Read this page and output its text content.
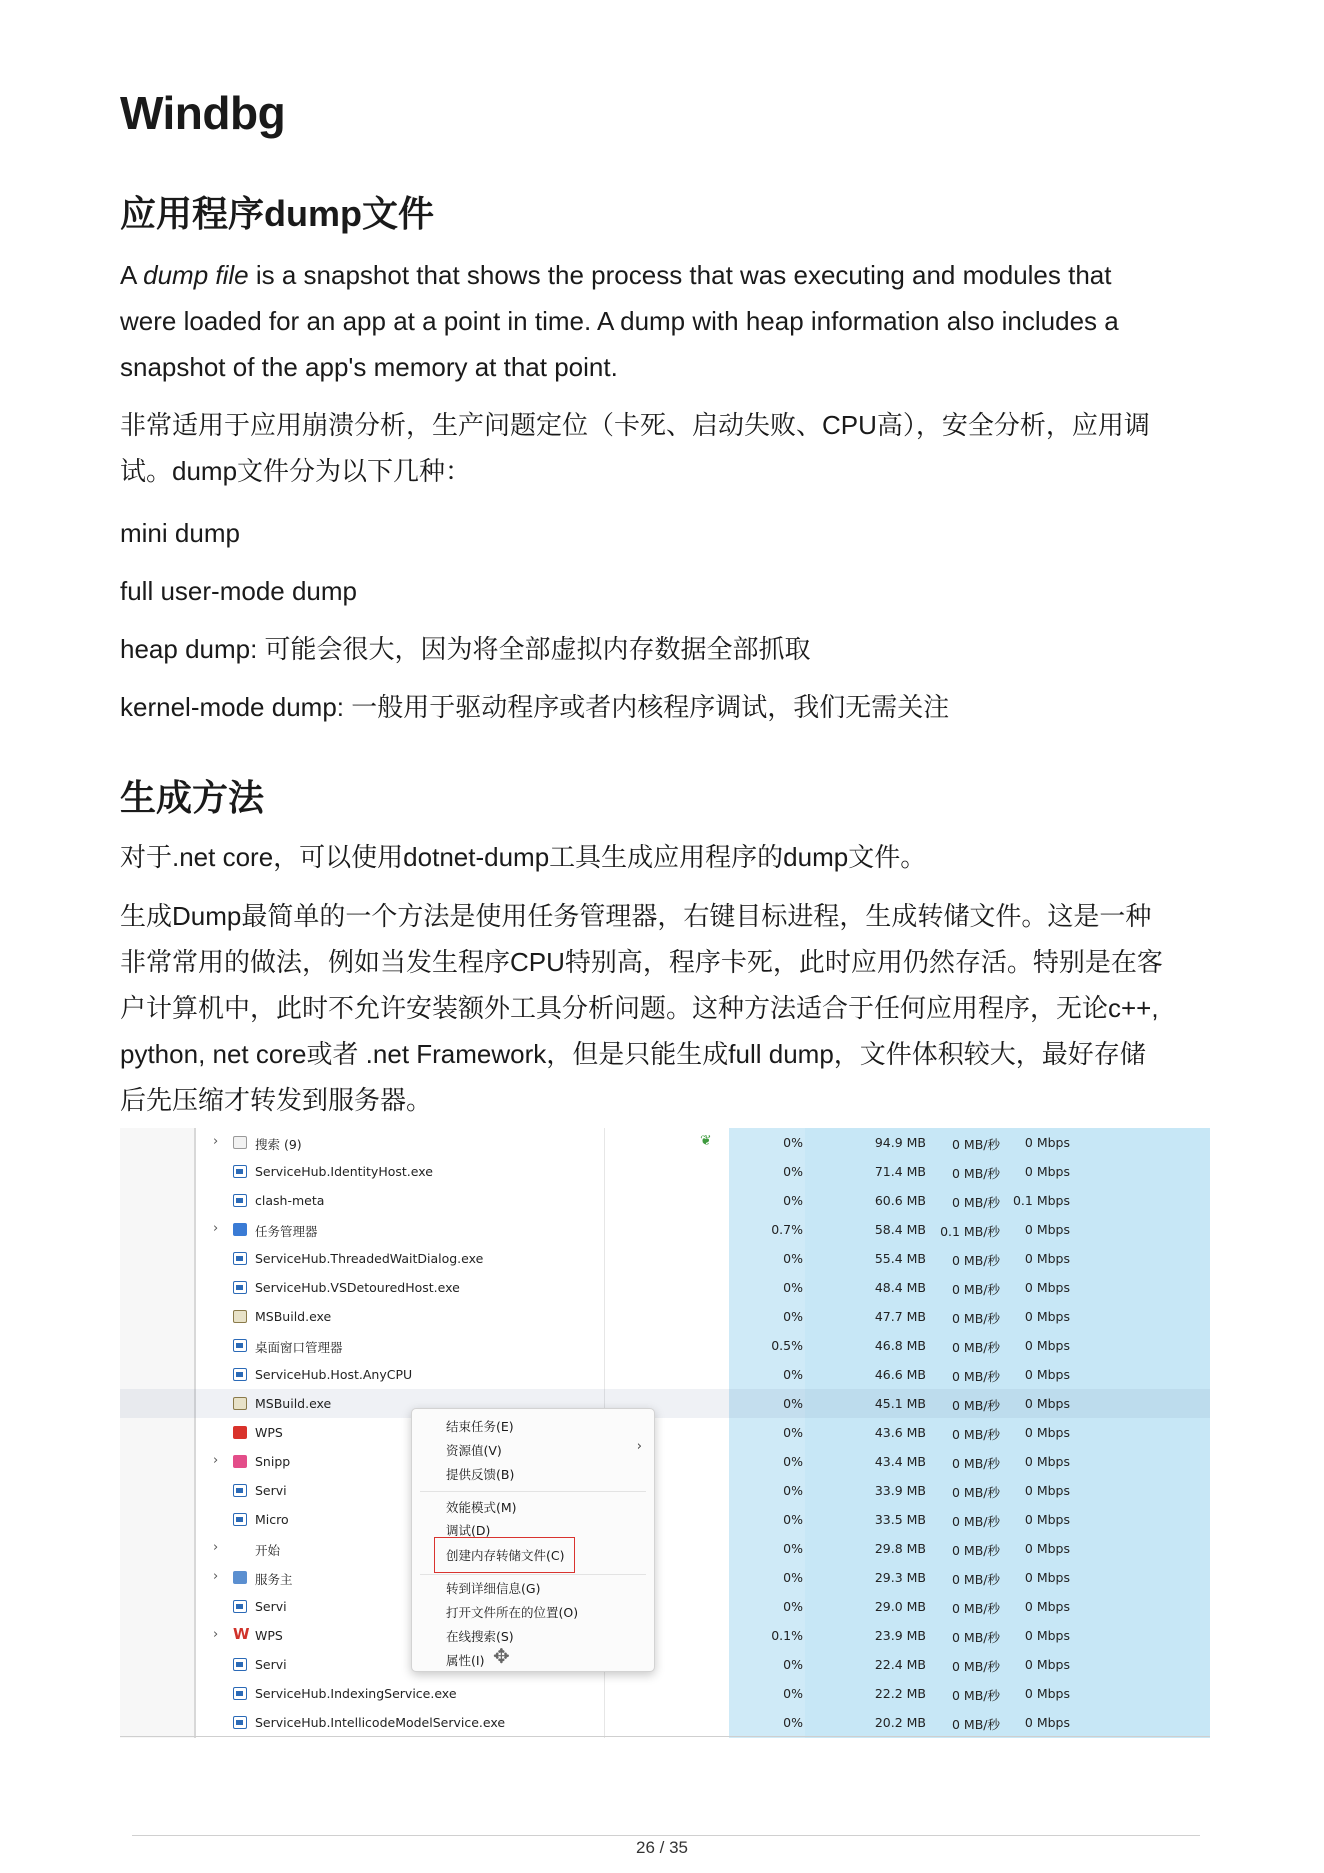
Windbg
应用程序dump文件
A dump file is a snapshot that shows the process that was executing and modules that
were loaded for an app at a point in time. A dump with heap information also includes a
snapshot of the app's memory at that point.
非常适用于应用崩溃分析，生产问题定位（卡死、启动失败、CPU高），安全分析，应用调
试。dump文件分为以下几种：
mini dump
full user-mode dump
heap dump: 可能会很大，因为将全部虚拟内存数据全部抓取
kernel-mode dump: 一般用于驱动程序或者内核程序调试，我们无需关注
生成方法
对于.net core，可以使用dotnet-dump工具生成应用程序的dump文件。
生成Dump最简单的一个方法是使用任务管理器，右键目标进程，生成转储文件。这是一种
非常常用的做法，例如当发生程序CPU特别高，程序卡死，此时应用仍然存活。特别是在客
户计算机中，此时不允许安装额外工具分析问题。这种方法适合于任何应用程序，无论c++,
python, net core或者 .net Framework，但是只能生成full dump，文件体积较大，最好存储
后先压缩才转发到服务器。
›	搜索 (9)	❦	0%	94.9 MB	0 MB/秒	0 Mbps
ServiceHub.IdentityHost.exe	0%	71.4 MB	0 MB/秒	0 Mbps
clash-meta	0%	60.6 MB	0 MB/秒	0.1 Mbps
›	任务管理器	0.7%	58.4 MB	0.1 MB/秒	0 Mbps
ServiceHub.ThreadedWaitDialog.exe	0%	55.4 MB	0 MB/秒	0 Mbps
ServiceHub.VSDetouredHost.exe	0%	48.4 MB	0 MB/秒	0 Mbps
MSBuild.exe	0%	47.7 MB	0 MB/秒	0 Mbps
桌面窗口管理器	0.5%	46.8 MB	0 MB/秒	0 Mbps
ServiceHub.Host.AnyCPU	0%	46.6 MB	0 MB/秒	0 Mbps
MSBuild.exe	0%	45.1 MB	0 MB/秒	0 Mbps
WPS	0%	43.6 MB	0 MB/秒	0 Mbps
›	Snipp	0%	43.4 MB	0 MB/秒	0 Mbps
Servi	0%	33.9 MB	0 MB/秒	0 Mbps
Micro	0%	33.5 MB	0 MB/秒	0 Mbps
›	开始	0%	29.8 MB	0 MB/秒	0 Mbps
›	服务主	0%	29.3 MB	0 MB/秒	0 Mbps
Servi	0%	29.0 MB	0 MB/秒	0 Mbps
› W WPS	0.1%	23.9 MB	0 MB/秒	0 Mbps
Servi	0%	22.4 MB	0 MB/秒	0 Mbps
ServiceHub.IndexingService.exe	0%	22.2 MB	0 MB/秒	0 Mbps
ServiceHub.IntellicodeModelService.exe	0%	20.2 MB	0 MB/秒	0 Mbps
结束任务(E)
资源值(V)	›
提供反馈(B)
效能模式(M)
调试(D)
创建内存转储文件(C)
转到详细信息(G)
打开文件所在的位置(O)
在线搜索(S)
属性(I) ✥
26 / 35
